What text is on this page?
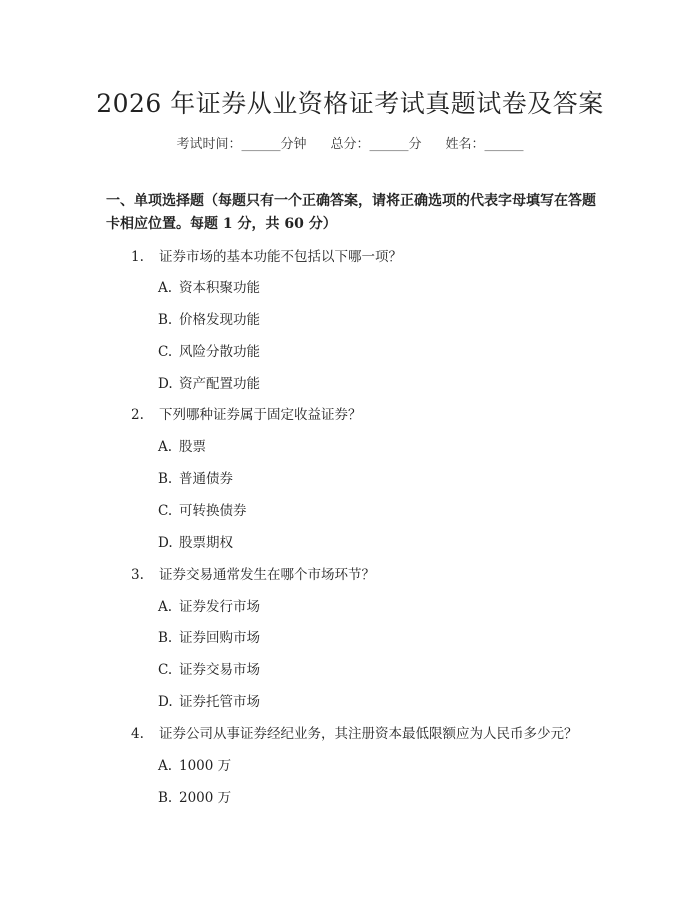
2026 年证券从业资格证考试真题试卷及答案
考试时间：______分钟 总分：______分 姓名：______
一、单项选择题（每题只有一个正确答案，请将正确选项的代表字母填写在答题卡相应位置。每题 1 分，共 60 分）
1. 证券市场的基本功能不包括以下哪一项？
A. 资本积聚功能
B. 价格发现功能
C. 风险分散功能
D. 资产配置功能
2. 下列哪种证券属于固定收益证券？
A. 股票
B. 普通债券
C. 可转换债券
D. 股票期权
3. 证券交易通常发生在哪个市场环节？
A. 证券发行市场
B. 证券回购市场
C. 证券交易市场
D. 证券托管市场
4. 证券公司从事证券经纪业务，其注册资本最低限额应为人民币多少元？
A. 1000 万
B. 2000 万
